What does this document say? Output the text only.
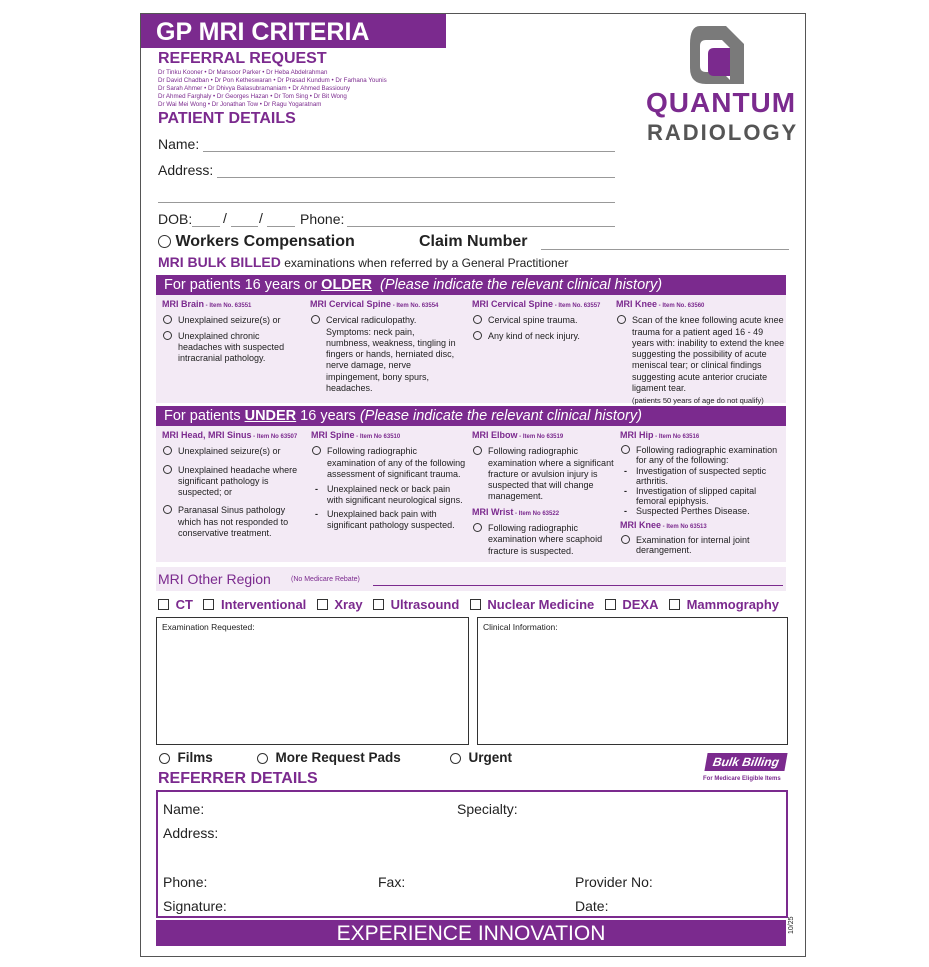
GP MRI CRITERIA
REFERRAL REQUEST
Dr Tinku Kooner • Dr Mansoor Parker • Dr Heba Abdelrahman
Dr David Chadban • Dr Pon Ketheswaran • Dr Prasad Kundum • Dr Farhana Younis
Dr Sarah Ahmer • Dr Dhivya Balasubramaniam • Dr Ahmed Bassiouny
Dr Ahmed Farghaly • Dr Georges Hazan • Dr Tom Sing • Dr Bit Wong
Dr Wai Mei Wong • Dr Jonathan Tow • Dr Ragu Yogaratnam	QUANTUM
RADIOLOGY
PATIENT DETAILS
Name:
Address:
DOB: / /	Phone:
Workers Compensation	Claim Number
MRI BULK BILLED examinations when referred by a General Practitioner
For patients 16 years or OLDER (Please indicate the relevant clinical history)
MRI Brain - Item No. 63551
Unexplained seizure(s) or
Unexplained chronic headaches with suspected intracranial pathology.
MRI Cervical Spine - Item No. 63554
Cervical radiculopathy. Symptoms: neck pain, numbness, weakness, tingling in fingers or hands, herniated disc, nerve damage, nerve impingement, bony spurs, headaches.
MRI Cervical Spine - Item No. 63557
Cervical spine trauma.
Any kind of neck injury.
MRI Knee - Item No. 63560
Scan of the knee following acute knee trauma for a patient aged 16 - 49 years with: inability to extend the knee suggesting the possibility of acute meniscal tear; or clinical findings suggesting acute anterior cruciate ligament tear.
(patients 50 years of age do not qualify)
For patients UNDER 16 years (Please indicate the relevant clinical history)
MRI Head, MRI Sinus - Item No 63507
Unexplained seizure(s) or
Unexplained headache where significant pathology is suspected; or
Paranasal Sinus pathology which has not responded to conservative treatment.
MRI Spine - Item No 63510
Following radiographic examination of any of the following assessment of significant trauma.
- Unexplained neck or back pain with significant neurological signs.
- Unexplained back pain with significant pathology suspected.
MRI Elbow - Item No 63519
Following radiographic examination where a significant fracture or avulsion injury is suspected that will change management.
MRI Wrist - Item No 63522
Following radiographic examination where scaphoid fracture is suspected.
MRI Hip - Item No 63516
Following radiographic examination for any of the following:
- Investigation of suspected septic arthritis.
- Investigation of slipped capital femoral epiphysis.
- Suspected Perthes Disease.
MRI Knee - Item No 63513
Examination for internal joint derangement.
MRI Other Region	(No Medicare Rebate)
CT Interventional Xray Ultrasound Nuclear Medicine DEXA Mammography
Examination Requested:	Clinical Information:
Films	More Request Pads	Urgent	Bulk Billing
For Medicare Eligible Items
REFERRER DETAILS
Name:	Specialty:
Address:
Phone:	Fax:	Provider No:
Signature:	Date:
EXPERIENCE INNOVATION	10/25
